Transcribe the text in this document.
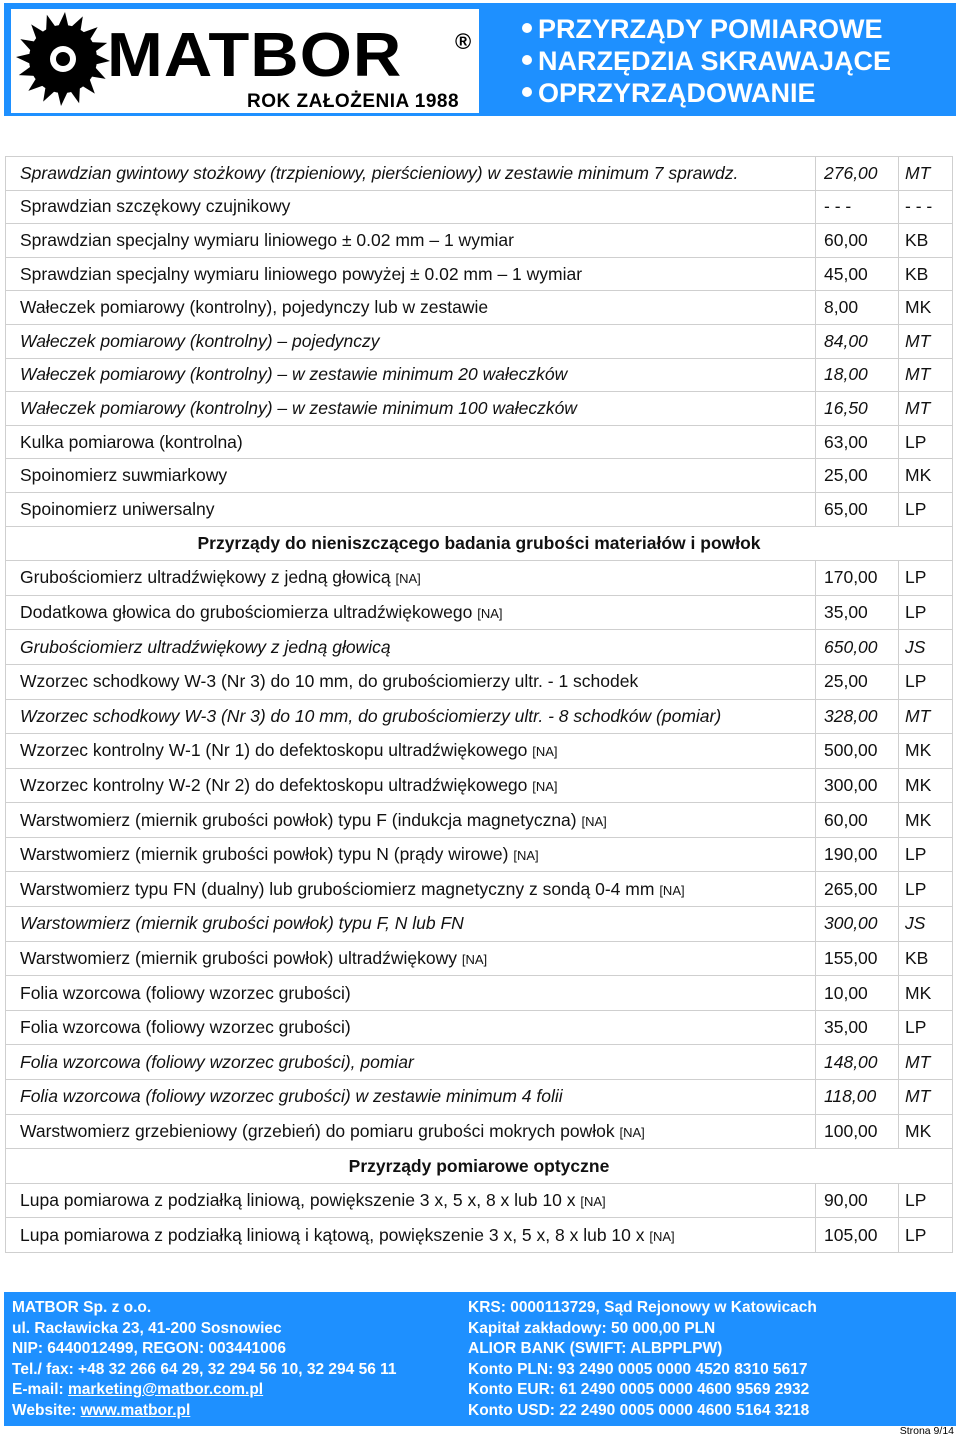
MATBOR ®
ROK ZAŁOŻENIA 1988
PRZYRZĄDY POMIAROWE
NARZĘDZIA SKRAWAJĄCE
OPRZYRZĄDOWANIE
Sprawdzian gwintowy stożkowy (trzpieniowy, pierścieniowy) w zestawie minimum 7 sprawdz.	276,00	MT
Sprawdzian szczękowy czujnikowy	- - -	- - -
Sprawdzian specjalny wymiaru liniowego ± 0.02 mm – 1 wymiar	60,00	KB
Sprawdzian specjalny wymiaru liniowego powyżej ± 0.02 mm – 1 wymiar	45,00	KB
Wałeczek pomiarowy (kontrolny), pojedynczy lub w zestawie	8,00	MK
Wałeczek pomiarowy (kontrolny) – pojedynczy	84,00	MT
Wałeczek pomiarowy (kontrolny) – w zestawie minimum 20 wałeczków	18,00	MT
Wałeczek pomiarowy (kontrolny) – w zestawie minimum 100 wałeczków	16,50	MT
Kulka pomiarowa (kontrolna)	63,00	LP
Spoinomierz suwmiarkowy	25,00	MK
Spoinomierz uniwersalny	65,00	LP
Przyrządy do nieniszczącego badania grubości materiałów i powłok		
Grubościomierz ultradźwiękowy z jedną głowicą [NA]	170,00	LP
Dodatkowa głowica do grubościomierza ultradźwiękowego [NA]	35,00	LP
Grubościomierz ultradźwiękowy z jedną głowicą	650,00	JS
Wzorzec schodkowy W-3 (Nr 3) do 10 mm, do grubościomierzy ultr. - 1 schodek	25,00	LP
Wzorzec schodkowy W-3 (Nr 3) do 10 mm, do grubościomierzy ultr. - 8 schodków (pomiar)	328,00	MT
Wzorzec kontrolny W-1 (Nr 1) do defektoskopu ultradźwiękowego [NA]	500,00	MK
Wzorzec kontrolny W-2 (Nr 2) do defektoskopu ultradźwiękowego [NA]	300,00	MK
Warstwomierz (miernik grubości powłok) typu F (indukcja magnetyczna) [NA]	60,00	MK
Warstwomierz (miernik grubości powłok) typu N (prądy wirowe) [NA]	190,00	LP
Warstwomierz typu FN (dualny) lub grubościomierz magnetyczny z sondą 0-4 mm [NA]	265,00	LP
Warstowmierz (miernik grubości powłok) typu F, N lub FN	300,00	JS
Warstwomierz (miernik grubości powłok) ultradźwiękowy [NA]	155,00	KB
Folia wzorcowa (foliowy wzorzec grubości)	10,00	MK
Folia wzorcowa (foliowy wzorzec grubości)	35,00	LP
Folia wzorcowa (foliowy wzorzec grubości), pomiar	148,00	MT
Folia wzorcowa (foliowy wzorzec grubości) w zestawie minimum 4 folii	118,00	MT
Warstwomierz grzebieniowy (grzebień) do pomiaru grubości mokrych powłok [NA]	100,00	MK
Przyrządy pomiarowe optyczne		
Lupa pomiarowa z podziałką liniową, powiększenie 3 x, 5 x, 8 x lub 10 x [NA]	90,00	LP
Lupa pomiarowa z podziałką liniową i kątową, powiększenie 3 x, 5 x, 8 x lub 10 x [NA]	105,00	LP
MATBOR Sp. z o.o.
ul. Racławicka 23, 41-200 Sosnowiec
NIP: 6440012499, REGON: 003441006
Tel./ fax: +48 32 266 64 29, 32 294 56 10, 32 294 56 11
E-mail: marketing@matbor.com.pl
Website: www.matbor.pl
KRS: 0000113729, Sąd Rejonowy w Katowicach
Kapitał zakładowy: 50 000,00 PLN
ALIOR BANK (SWIFT: ALBPPLPW)
Konto PLN: 93 2490 0005 0000 4520 8310 5617
Konto EUR: 61 2490 0005 0000 4600 9569 2932
Konto USD: 22 2490 0005 0000 4600 5164 3218
Strona 9/14
